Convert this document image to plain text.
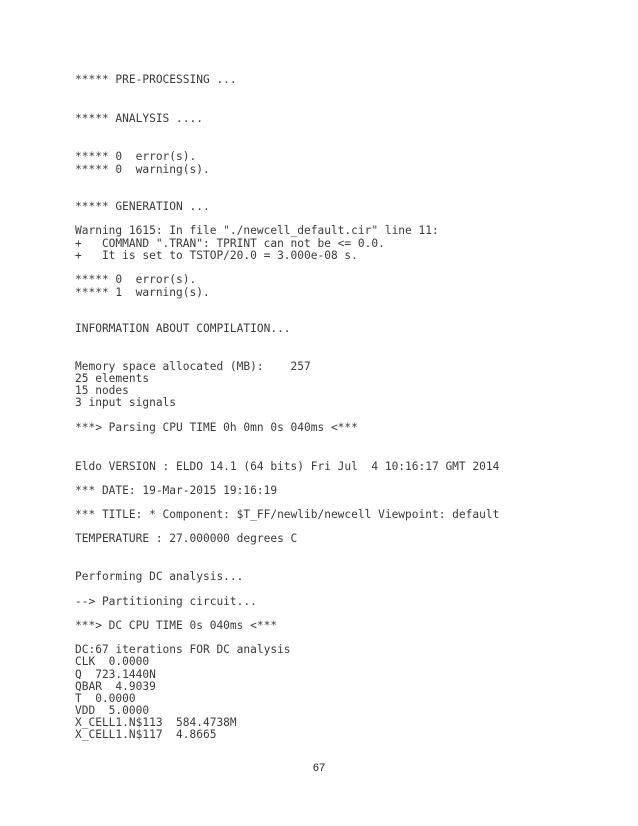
***** PRE-PROCESSING ...
***** ANALYSIS ....
***** 0  error(s).
***** 0  warning(s).
***** GENERATION ...
Warning 1615: In file "./newcell_default.cir" line 11:
+   COMMAND ".TRAN": TPRINT can not be <= 0.0.
+   It is set to TSTOP/20.0 = 3.000e-08 s.
***** 0  error(s).
***** 1  warning(s).
INFORMATION ABOUT COMPILATION...
Memory space allocated (MB):    257
25 elements
15 nodes
3 input signals
***> Parsing CPU TIME 0h 0mn 0s 040ms <***
Eldo VERSION : ELDO 14.1 (64 bits) Fri Jul  4 10:16:17 GMT 2014
*** DATE: 19-Mar-2015 19:16:19
*** TITLE: * Component: $T_FF/newlib/newcell Viewpoint: default
TEMPERATURE : 27.000000 degrees C
Performing DC analysis...
--> Partitioning circuit...
***> DC CPU TIME 0s 040ms <***
DC:67 iterations FOR DC analysis
CLK  0.0000
Q  723.1440N
QBAR  4.9039
T  0.0000
VDD  5.0000
X_CELL1.N$113  584.4738M
X_CELL1.N$117  4.8665
67
